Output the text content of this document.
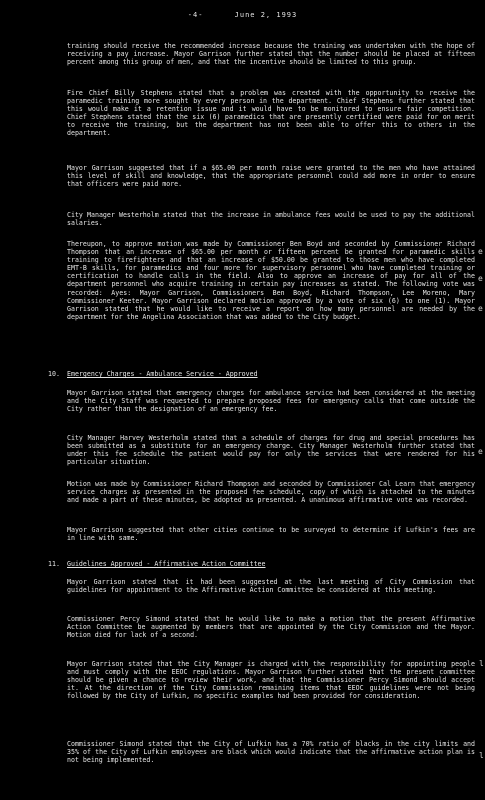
-4-	June 2, 1993
training should receive the recommended increase because the training was undertaken with the hope of receiving a pay increase. Mayor Garrison further stated that the number should be placed at fifteen percent among this group of men, and that the incentive should be limited to this group.
Fire Chief Billy Stephens stated that a problem was created with the opportunity to receive the paramedic training more sought by every person in the department. Chief Stephens further stated that this would make it a retention issue and it would have to be monitored to ensure fair competition. Chief Stephens stated that the six (6) paramedics that are presently certified were paid for on merit to receive the training, but the department has not been able to offer this to others in the department.
Mayor Garrison suggested that if a $65.00 per month raise were granted to the men who have attained this level of skill and knowledge, that the appropriate personnel could add more in order to ensure that officers were paid more.
City Manager Westerholm stated that the increase in ambulance fees would be used to pay the additional salaries.
Thereupon, to approve motion was made by Commissioner Ben Boyd and seconded by Commissioner Richard Thompson that an increase of $65.00 per month or fifteen percent be granted for paramedic skills training to firefighters and that an increase of $50.00 be granted to those men who have completed EMT-B skills, for paramedics and four more for supervisory personnel who have completed training or certification to handle calls in the field. Also to approve an increase of pay for all of the department personnel who acquire training in certain pay increases as stated. The following vote was recorded: Ayes: Mayor Garrison, Commissioners Ben Boyd, Richard Thompson, Lee Moreno, Mary Commissioner Keeter. Mayor Garrison declared motion approved by a vote of six (6) to one (1). Mayor Garrison stated that he would like to receive a report on how many personnel are needed by the department for the Angelina Association that was added to the City budget.
10. Emergency Charges - Ambulance Service - Approved
Mayor Garrison stated that emergency charges for ambulance service had been considered at the meeting and the City Staff was requested to prepare proposed fees for emergency calls that come outside the City rather than the designation of an emergency fee.
City Manager Harvey Westerholm stated that a schedule of charges for drug and special procedures has been submitted as a substitute for an emergency charge. City Manager Westerholm further stated that under this fee schedule the patient would pay for only the services that were rendered for his particular situation.
Motion was made by Commissioner Richard Thompson and seconded by Commissioner Cal Learn that emergency service charges as presented in the proposed fee schedule, copy of which is attached to the minutes and made a part of these minutes, be adopted as presented. A unanimous affirmative vote was recorded.
Mayor Garrison suggested that other cities continue to be surveyed to determine if Lufkin's fees are in line with same.
11. Guidelines Approved - Affirmative Action Committee
Mayor Garrison stated that it had been suggested at the last meeting of City Commission that guidelines for appointment to the Affirmative Action Committee be considered at this meeting.
Commissioner Percy Simond stated that he would like to make a motion that the present Affirmative Action Committee be augmented by members that are appointed by the City Commission and the Mayor. Motion died for lack of a second.
Mayor Garrison stated that the City Manager is charged with the responsibility for appointing people and must comply with the EEOC regulations. Mayor Garrison further stated that the present committee should be given a chance to review their work, and that the Commissioner Percy Simond should accept it. At the direction of the City Commission remaining items that EEOC guidelines were not being followed by the City of Lufkin, no specific examples had been provided for consideration.
Commissioner Simond stated that the City of Lufkin has a 70% ratio of blacks in the city limits and 35% of the City of Lufkin employees are black which would indicate that the affirmative action plan is not being implemented.
e
e
e
e
l
l
